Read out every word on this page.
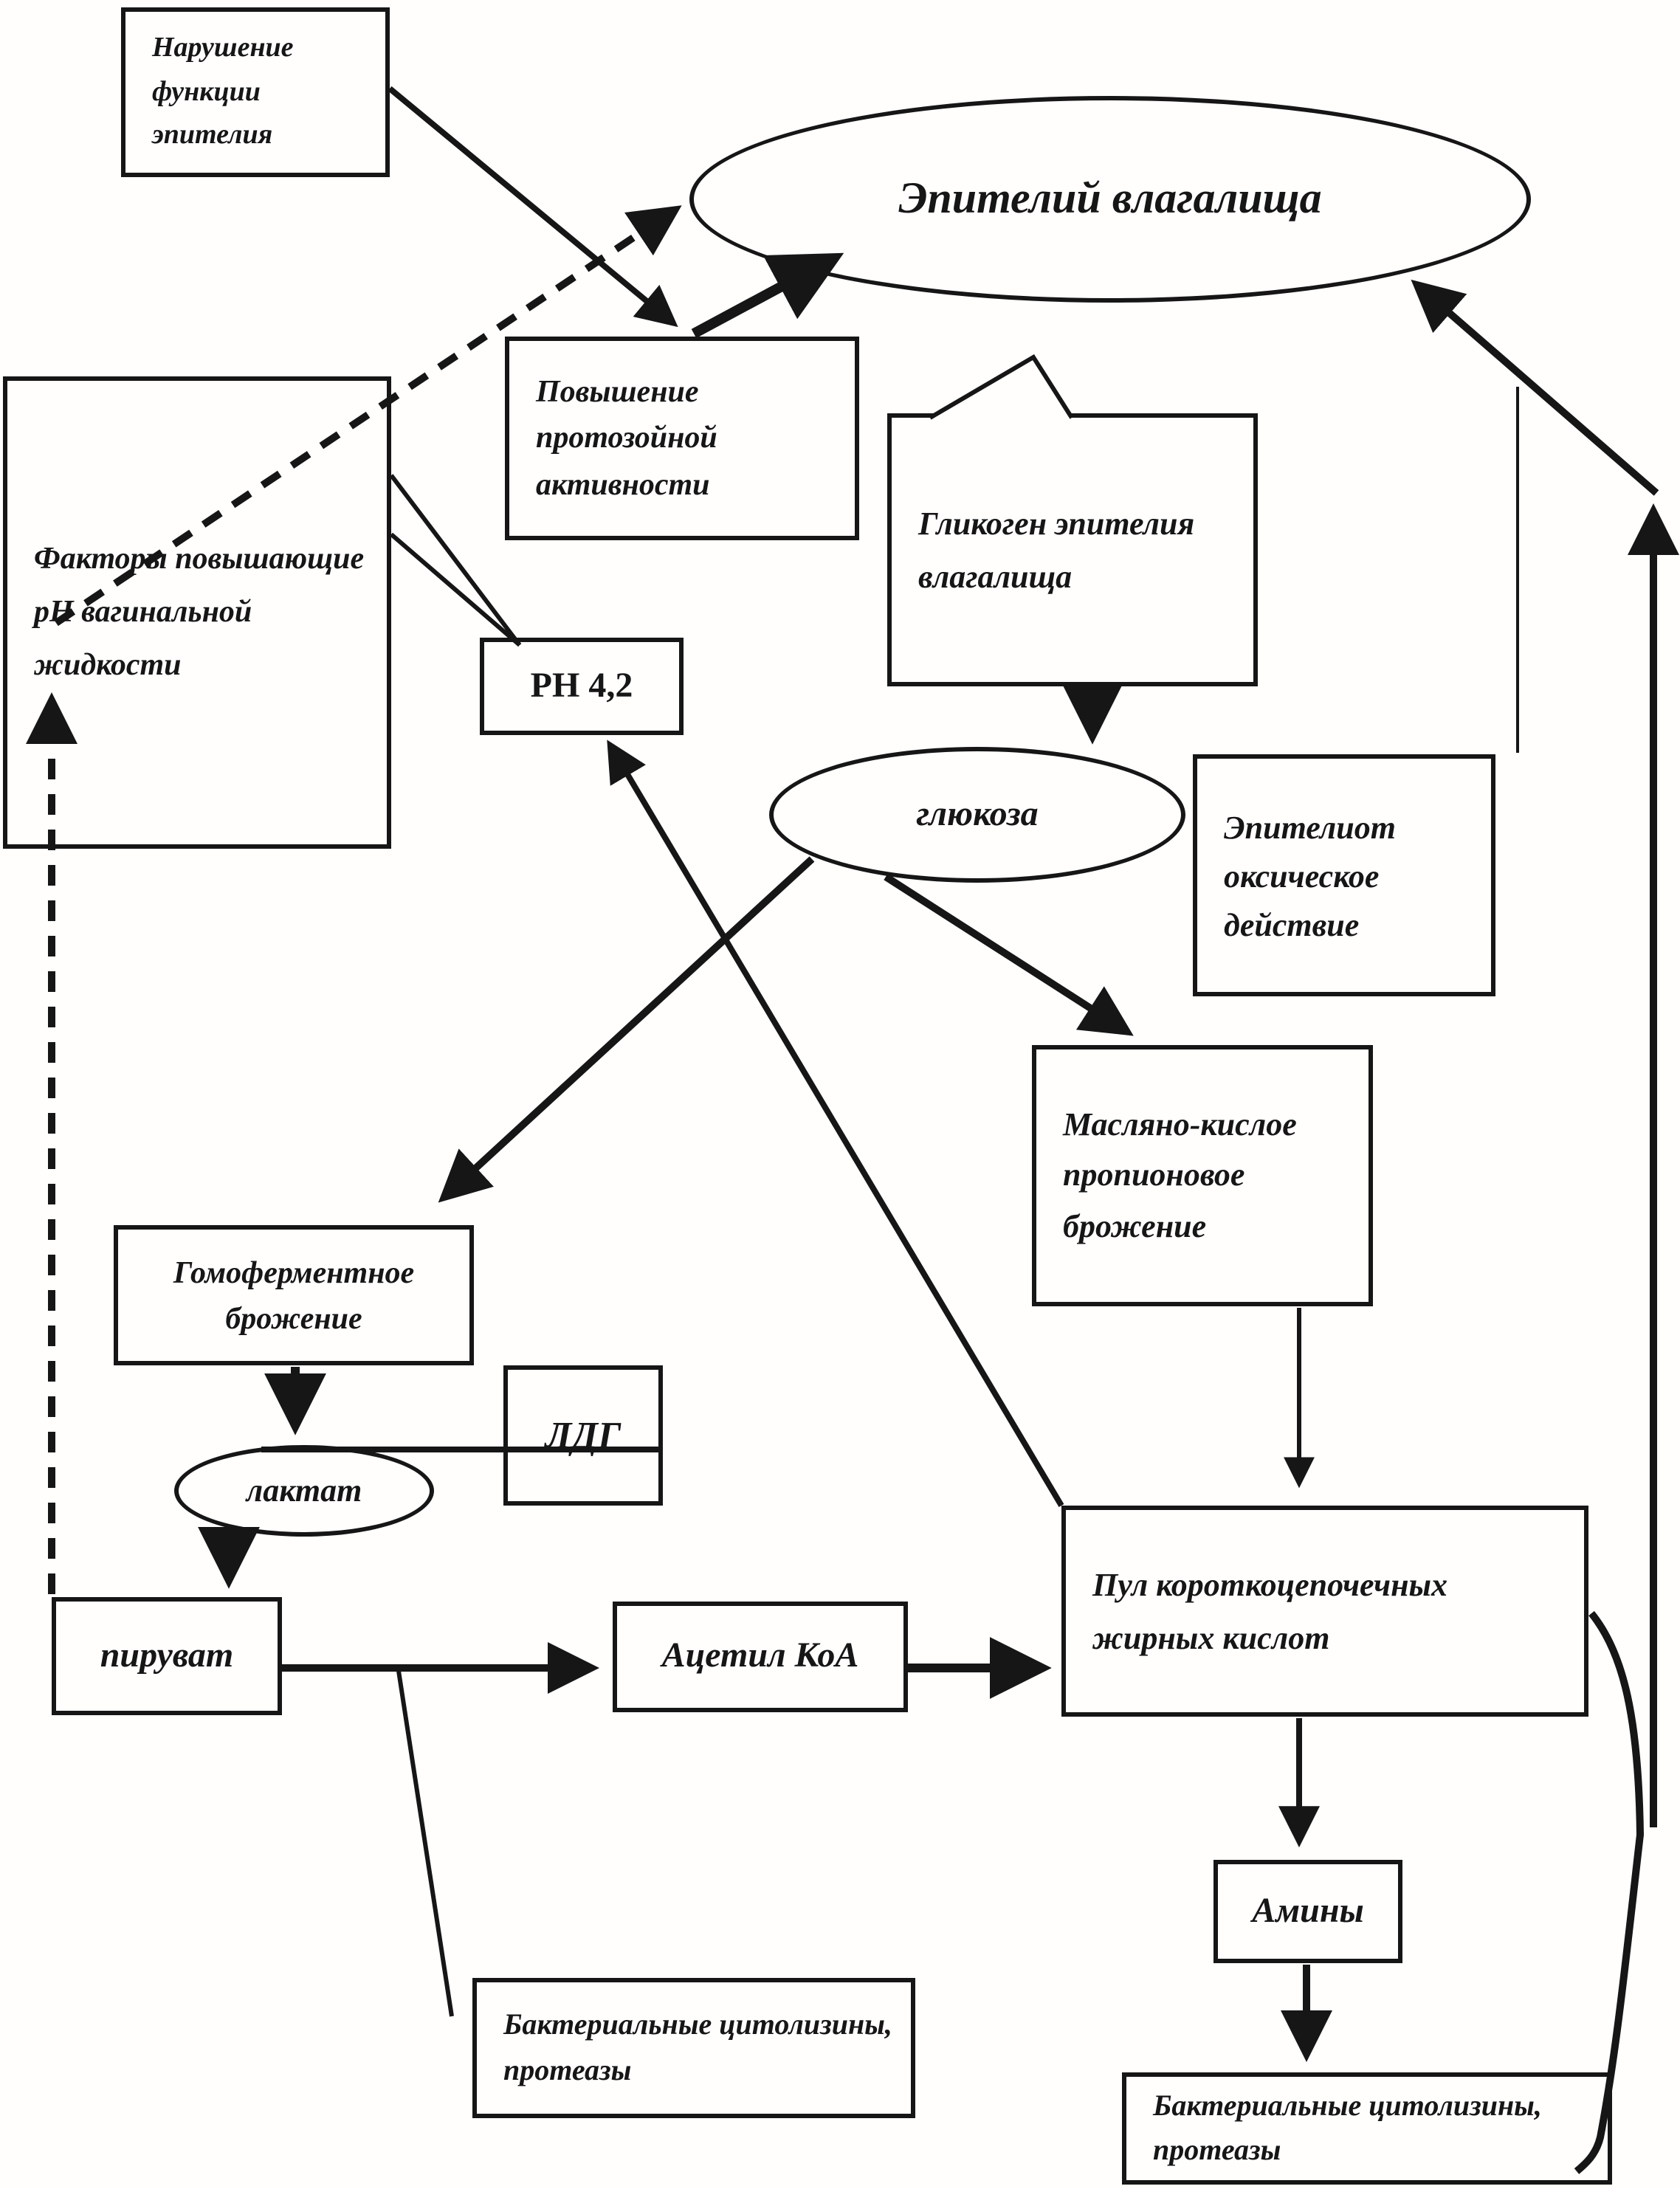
Нарушение функции эпителия
Эпителий влагалища
Факторы повышающие pH вагинальной жидкости
Повышение протозойной активности
Гликоген эпителия влагалища
PH 4,2
глюкоза	Эпителиот оксическое действие
Масляно-кислое пропионовое брожение
Гомоферментное брожение
ЛДГ
лактат
Пул короткоцепочечных жирных кислот
пируват	Ацетил КоА
Амины
Бактериальные цитолизины, протеазы
Бактериальные цитолизины, протеазы
